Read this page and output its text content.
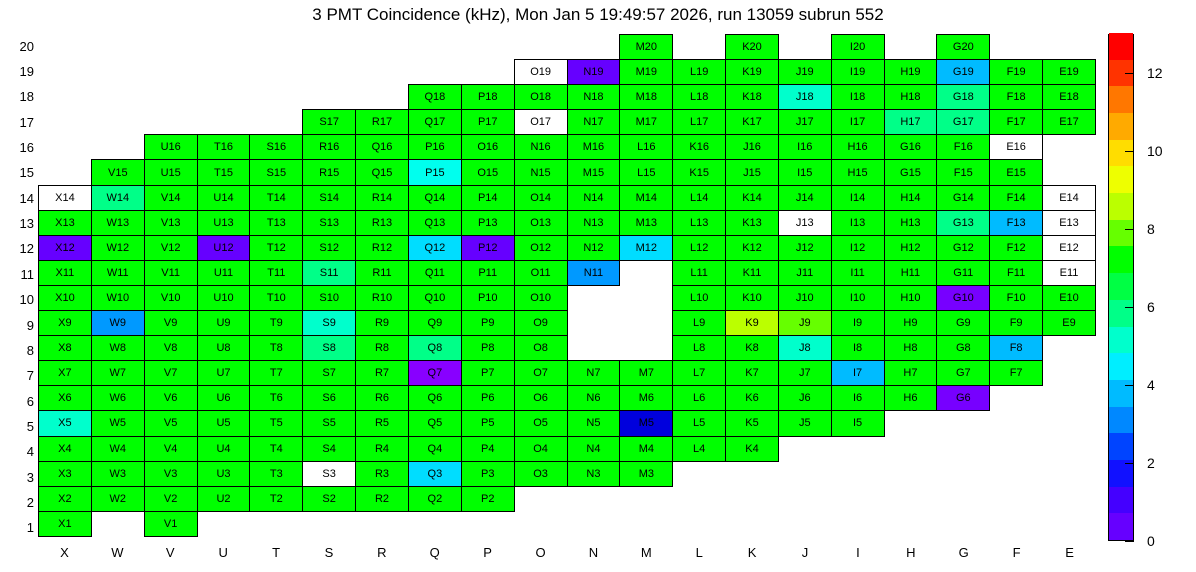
3 PMT Coincidence (kHz), Mon Jan 5 19:49:57 2026, run 13059 subrun 552
20
19
18
17
16
15
14
13
12
11
10
9
8
7
6
5
4
3
2
1
											M20		K20		I20		G20		
									O19	N19	M19	L19	K19	J19	I19	H19	G19	F19	E19
							Q18	P18	O18	N18	M18	L18	K18	J18	I18	H18	G18	F18	E18
					S17	R17	Q17	P17	O17	N17	M17	L17	K17	J17	I17	H17	G17	F17	E17
		U16	T16	S16	R16	Q16	P16	O16	N16	M16	L16	K16	J16	I16	H16	G16	F16	E16	
	V15	U15	T15	S15	R15	Q15	P15	O15	N15	M15	L15	K15	J15	I15	H15	G15	F15	E15	
X14	W14	V14	U14	T14	S14	R14	Q14	P14	O14	N14	M14	L14	K14	J14	I14	H14	G14	F14	E14
X13	W13	V13	U13	T13	S13	R13	Q13	P13	O13	N13	M13	L13	K13	J13	I13	H13	G13	F13	E13
X12	W12	V12	U12	T12	S12	R12	Q12	P12	O12	N12	M12	L12	K12	J12	I12	H12	G12	F12	E12
X11	W11	V11	U11	T11	S11	R11	Q11	P11	O11	N11		L11	K11	J11	I11	H11	G11	F11	E11
X10	W10	V10	U10	T10	S10	R10	Q10	P10	O10			L10	K10	J10	I10	H10	G10	F10	E10
X9	W9	V9	U9	T9	S9	R9	Q9	P9	O9			L9	K9	J9	I9	H9	G9	F9	E9
X8	W8	V8	U8	T8	S8	R8	Q8	P8	O8			L8	K8	J8	I8	H8	G8	F8	
X7	W7	V7	U7	T7	S7	R7	Q7	P7	O7	N7	M7	L7	K7	J7	I7	H7	G7	F7	
X6	W6	V6	U6	T6	S6	R6	Q6	P6	O6	N6	M6	L6	K6	J6	I6	H6	G6		
X5	W5	V5	U5	T5	S5	R5	Q5	P5	O5	N5	M5	L5	K5	J5	I5				
X4	W4	V4	U4	T4	S4	R4	Q4	P4	O4	N4	M4	L4	K4						
X3	W3	V3	U3	T3	S3	R3	Q3	P3	O3	N3	M3								
X2	W2	V2	U2	T2	S2	R2	Q2	P2											
X1		V1																	
X	W	V	U	T	S	R	Q	P	O	N	M	L	K	J	I	H	G	F	E
0
2
4
6
8
10
12
